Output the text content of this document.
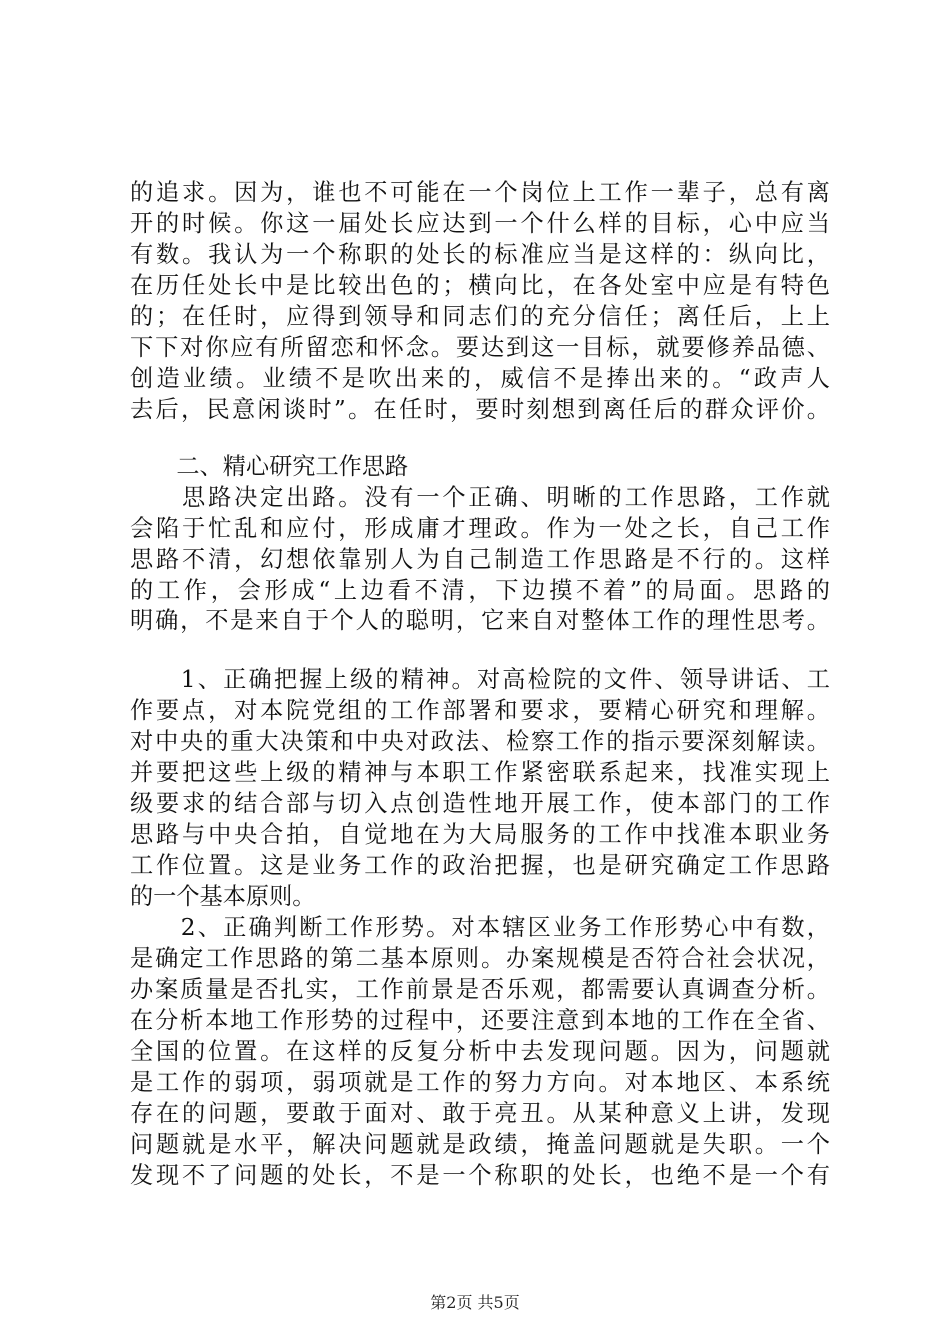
的追求。因为，谁也不可能在一个岗位上工作一辈子，总有离
开的时候。你这一届处长应达到一个什么样的目标，心中应当
有数。我认为一个称职的处长的标准应当是这样的：纵向比，
在历任处长中是比较出色的；横向比，在各处室中应是有特色
的；在任时，应得到领导和同志们的充分信任；离任后，上上
下下对你应有所留恋和怀念。要达到这一目标，就要修养品德、
创造业绩。业绩不是吹出来的，威信不是捧出来的。“政声人
去后，民意闲谈时”。在任时，要时刻想到离任后的群众评价。
　　二、精心研究工作思路
　　思路决定出路。没有一个正确、明晰的工作思路，工作就
会陷于忙乱和应付，形成庸才理政。作为一处之长，自己工作
思路不清，幻想依靠别人为自己制造工作思路是不行的。这样
的工作，会形成“上边看不清，下边摸不着”的局面。思路的
明确，不是来自于个人的聪明，它来自对整体工作的理性思考。
　　1、正确把握上级的精神。对高检院的文件、领导讲话、工
作要点，对本院党组的工作部署和要求，要精心研究和理解。
对中央的重大决策和中央对政法、检察工作的指示要深刻解读。
并要把这些上级的精神与本职工作紧密联系起来，找准实现上
级要求的结合部与切入点创造性地开展工作，使本部门的工作
思路与中央合拍，自觉地在为大局服务的工作中找准本职业务
工作位置。这是业务工作的政治把握，也是研究确定工作思路
的一个基本原则。
　　2、正确判断工作形势。对本辖区业务工作形势心中有数，
是确定工作思路的第二基本原则。办案规模是否符合社会状况，
办案质量是否扎实，工作前景是否乐观，都需要认真调查分析。
在分析本地工作形势的过程中，还要注意到本地的工作在全省、
全国的位置。在这样的反复分析中去发现问题。因为，问题就
是工作的弱项，弱项就是工作的努力方向。对本地区、本系统
存在的问题，要敢于面对、敢于亮丑。从某种意义上讲，发现
问题就是水平，解决问题就是政绩，掩盖问题就是失职。一个
发现不了问题的处长，不是一个称职的处长，也绝不是一个有
第2页 共5页
